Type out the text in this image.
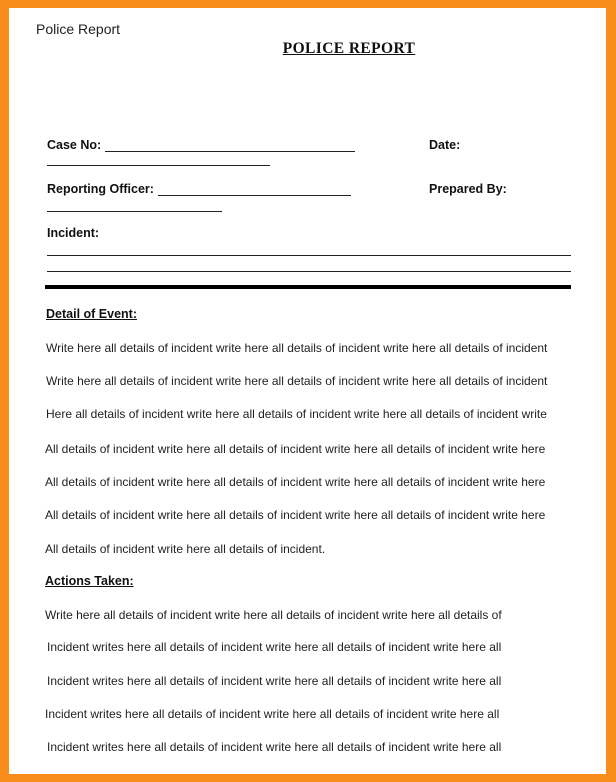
Police Report
POLICE REPORT
Case No:	Date:
Reporting Officer:	Prepared By:
Incident:
Detail of Event:
Write here all details of incident write here all details of incident write here all details of incident
Write here all details of incident write here all details of incident write here all details of incident
Here all details of incident write here all details of incident write here all details of incident write
All details of incident write here all details of incident write here all details of incident write here
All details of incident write here all details of incident write here all details of incident write here
All details of incident write here all details of incident write here all details of incident write here
All details of incident write here all details of incident.
Actions Taken:
Write here all details of incident write here all details of incident write here all details of
Incident writes here all details of incident write here all details of incident write here all
Incident writes here all details of incident write here all details of incident write here all
Incident writes here all details of incident write here all details of incident write here all
Incident writes here all details of incident write here all details of incident write here all
